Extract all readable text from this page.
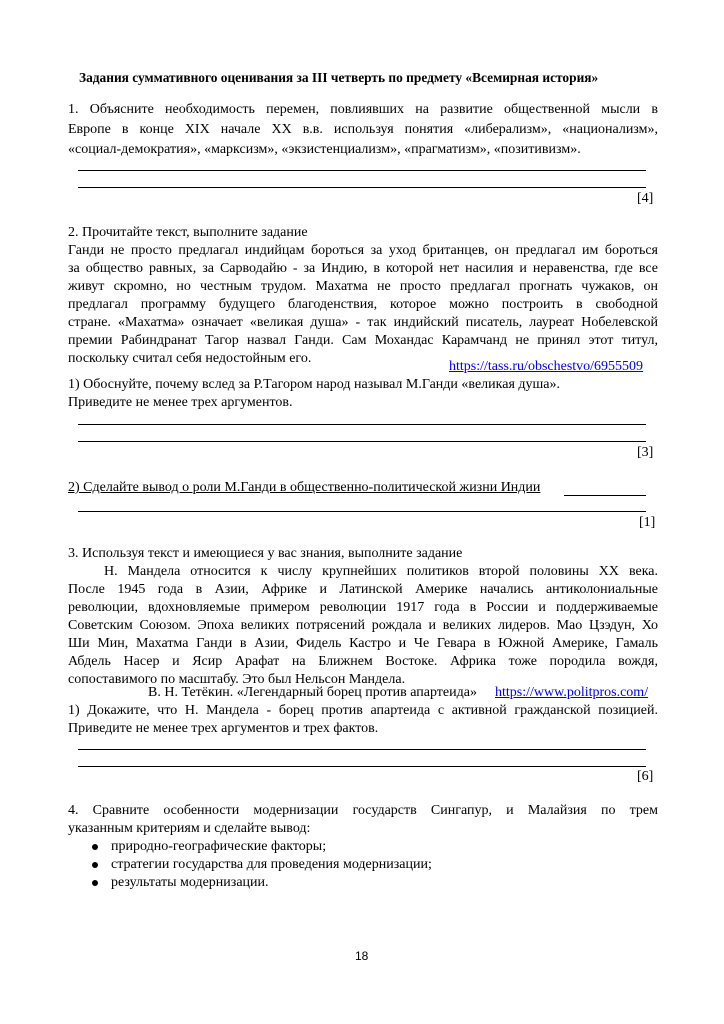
Задания суммативного оценивания за III четверть по предмету «Всемирная история»
1. Объясните необходимость перемен, повлиявших на развитие общественной мысли в
Европе в конце XIX начале XX в.в. используя понятия «либерализм», «национализм»,
«социал-демократия», «марксизм», «экзистенциализм», «прагматизм», «позитивизм».
[4]
2. Прочитайте текст, выполните задание
Ганди не просто предлагал индийцам бороться за уход британцев, он предлагал им бороться
за общество равных, за Сарводайю - за Индию, в которой нет насилия и неравенства, где все
живут скромно, но честным трудом. Махатма не просто предлагал прогнать чужаков, он
предлагал программу будущего благоденствия, которое можно построить в свободной
стране. «Махатма» означает «великая душа» - так индийский писатель, лауреат Нобелевской
премии Рабиндранат Тагор назвал Ганди. Сам Мохандас Карамчанд не принял этот титул,
поскольку считал себя недостойным его.
https://tass.ru/obschestvo/6955509
1) Обоснуйте, почему вслед за Р.Тагором народ называл М.Ганди «великая душа».
Приведите не менее трех аргументов.
[3]
2) Сделайте вывод о роли М.Ганди в общественно-политической жизни Индии
[1]
3. Используя текст и имеющиеся у вас знания, выполните задание
Н. Мандела относится к числу крупнейших политиков второй половины XX века.
После 1945 года в Азии, Африке и Латинской Америке начались антиколониальные
революции, вдохновляемые примером революции 1917 года в России и поддерживаемые
Советским Союзом. Эпоха великих потрясений рождала и великих лидеров. Мао Цзэдун, Хо
Ши Мин, Махатма Ганди в Азии, Фидель Кастро и Че Гевара в Южной Америке, Гамаль
Абдель Насер и Ясир Арафат на Ближнем Востоке. Африка тоже породила вождя,
сопоставимого по масштабу. Это был Нельсон Мандела.
В. Н. Тетёкин. «Легендарный борец против апартеида» https://www.politpros.com/
1) Докажите, что Н. Мандела - борец против апартеида с активной гражданской позицией.
Приведите не менее трех аргументов и трех фактов.
[6]
4. Сравните особенности модернизации государств Сингапур, и Малайзия по трем
указанным критериям и сделайте вывод:
природно-географические факторы;
стратегии государства для проведения модернизации;
результаты модернизации.
18
